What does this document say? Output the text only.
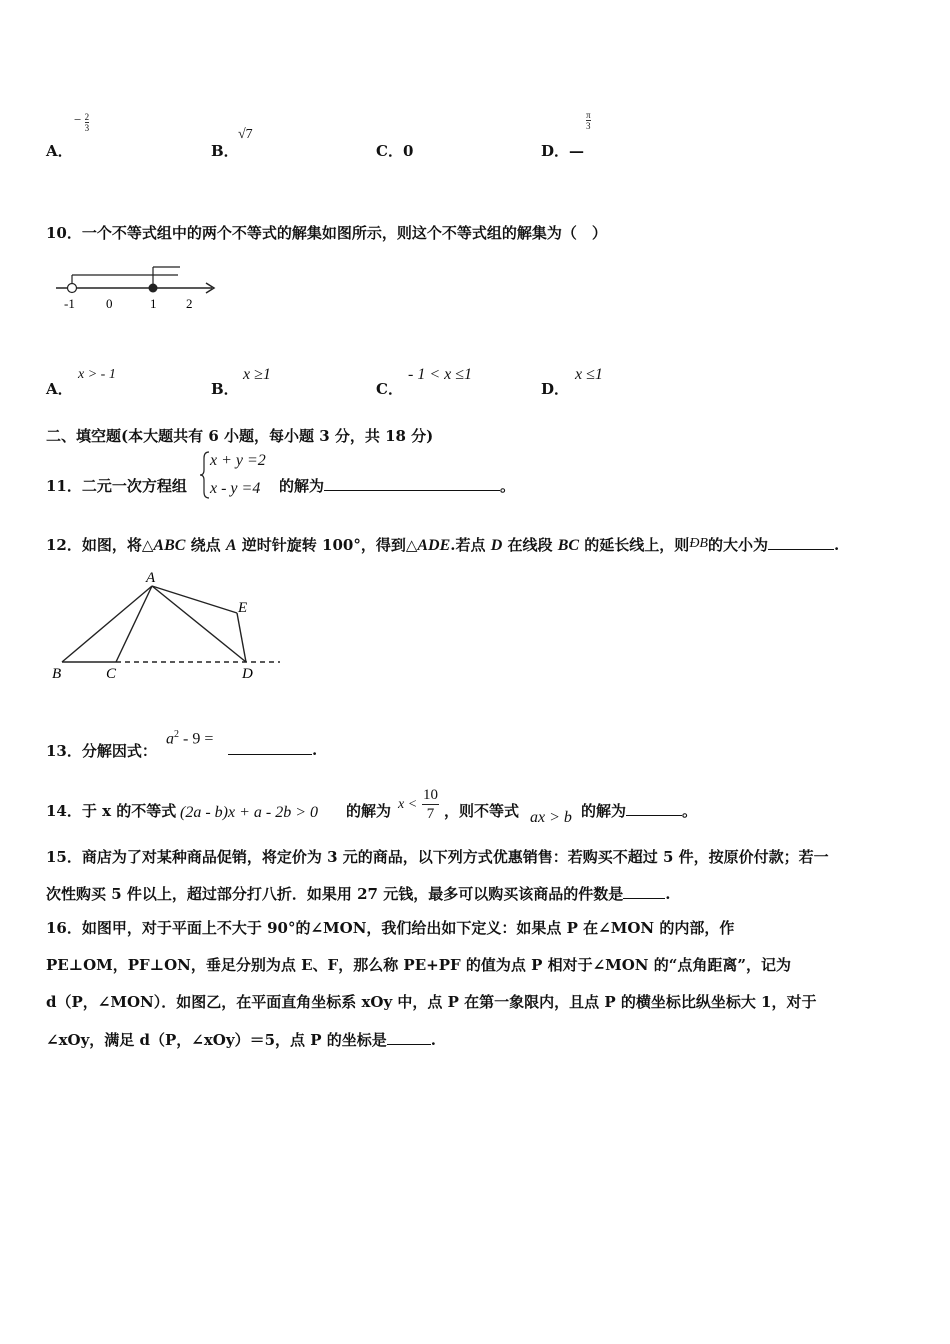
A．
− $\frac{2}{3}$
B．
√7
C．0	D．—
$\frac{\pi}{3}$
10．一个不等式组中的两个不等式的解集如图所示，则这个不等式组的解集为（　）
-1 0	1 2
A．
x > - 1
B．
x ≥1
C．
- 1 < x ≤1
D．
x ≤1
二、填空题(本大题共有 6 小题，每小题 3 分，共 18 分)
11．二元一次方程组
x + y =2
x - y =4 的解为	。
12．如图，将△ABC 绕点 A 逆时针旋转 100°，得到△ADE.若点 D 在线段 BC 的延长线上，则ÐB的大小为	.
A
B	C	D
E
13．分解因式：
$a^2 - 9$ =
.
14．于 x 的不等式 (2a - b)x + a - 2b > 0 的解为 $x < \frac{10}{7}$ ，则不等式 ax > b 的解为	。
15．商店为了对某种商品促销，将定价为 3 元的商品，以下列方式优惠销售：若购买不超过 5 件，按原价付款；若一
次性购买 5 件以上，超过部分打八折．如果用 27 元钱，最多可以购买该商品的件数是	.
16．如图甲，对于平面上不大于 90°的∠MON，我们给出如下定义：如果点 P 在∠MON 的内部，作
PE⊥OM，PF⊥ON，垂足分别为点 E、F，那么称 PE+PF 的值为点 P 相对于∠MON 的“点角距离”，记为
d（P，∠MON）．如图乙，在平面直角坐标系 xOy 中，点 P 在第一象限内，且点 P 的横坐标比纵坐标大 1，对于
∠xOy，满足 d（P，∠xOy）＝5，点 P 的坐标是	.
